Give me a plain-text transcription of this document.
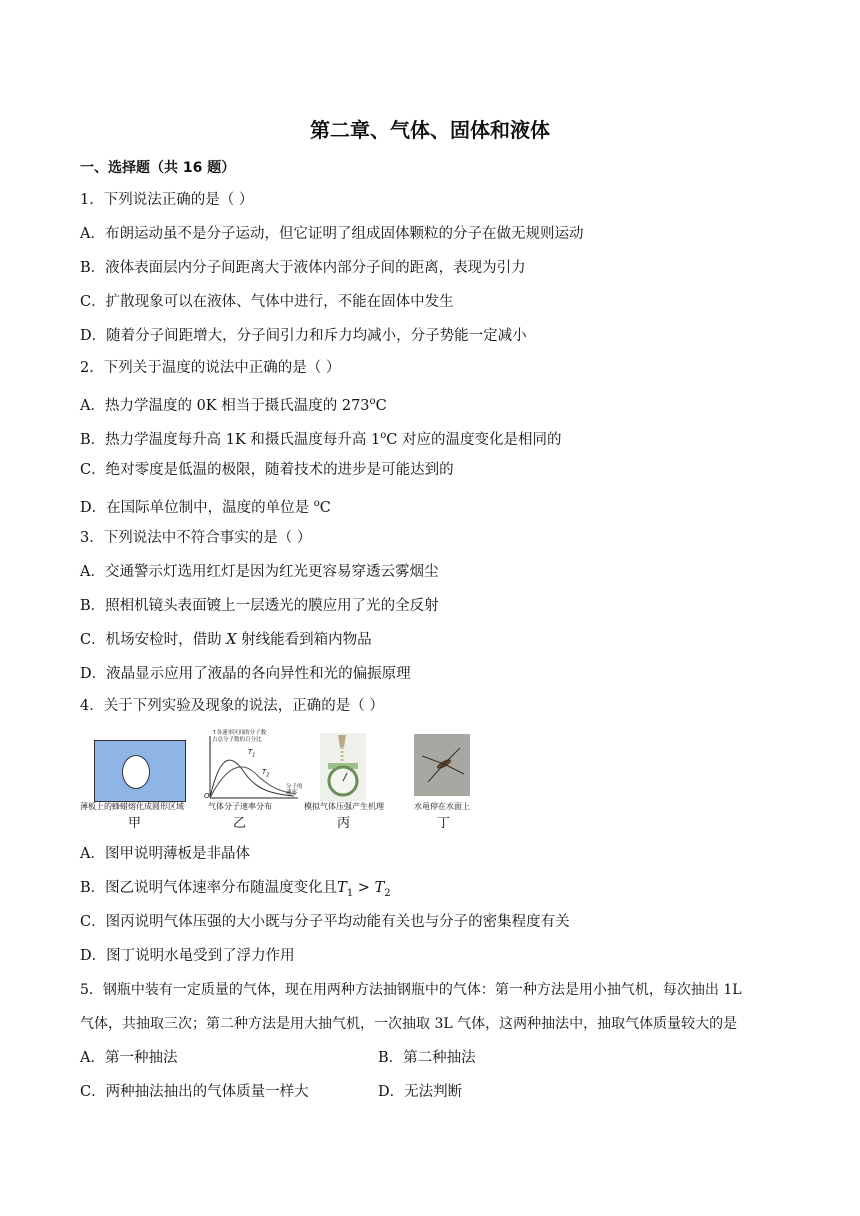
第二章、气体、固体和液体
一、选择题（共 16 题）
1．下列说法正确的是（ ）
A．布朗运动虽不是分子运动，但它证明了组成固体颗粒的分子在做无规则运动
B．液体表面层内分子间距离大于液体内部分子间的距离，表现为引力
C．扩散现象可以在液体、气体中进行，不能在固体中发生
D．随着分子间距增大，分子间引力和斥力均减小，分子势能一定减小
2．下列关于温度的说法中正确的是（ ）
A．热力学温度的 0K 相当于摄氏温度的 273$^o$C
B．热力学温度每升高 1K 和摄氏温度每升高 1$^o$C 对应的温度变化是相同的
C．绝对零度是低温的极限，随着技术的进步是可能达到的
D．在国际单位制中，温度的单位是 $^o$C
3．下列说法中不符合事实的是（ ）
A．交通警示灯选用红灯是因为红光更容易穿透云雾烟尘
B．照相机镜头表面镀上一层透光的膜应用了光的全反射
C．机场安检时，借助 X 射线能看到箱内物品
D．液晶显示应用了液晶的各向异性和光的偏振原理
4．关于下列实验及现象的说法，正确的是（ ）
薄板上的蜂蜡熔化成圆形区域
甲
↑各速率区间的分子数
占总分子数的百分比
$T_1$
$T_2$
O
分子的
速率
气体分子速率分布
乙
模拟气体压强产生机理
丙
水黾停在水面上
丁
A．图甲说明薄板是非晶体
B．图乙说明气体速率分布随温度变化且$T_1 > T_2$
C．图丙说明气体压强的大小既与分子平均动能有关也与分子的密集程度有关
D．图丁说明水黾受到了浮力作用
5．钢瓶中装有一定质量的气体，现在用两种方法抽钢瓶中的气体：第一种方法是用小抽气机，每次抽出 1L
气体，共抽取三次；第二种方法是用大抽气机，一次抽取 3L 气体，这两种抽法中，抽取气体质量较大的是
A．第一种抽法	B．第二种抽法
C．两种抽法抽出的气体质量一样大	D．无法判断
